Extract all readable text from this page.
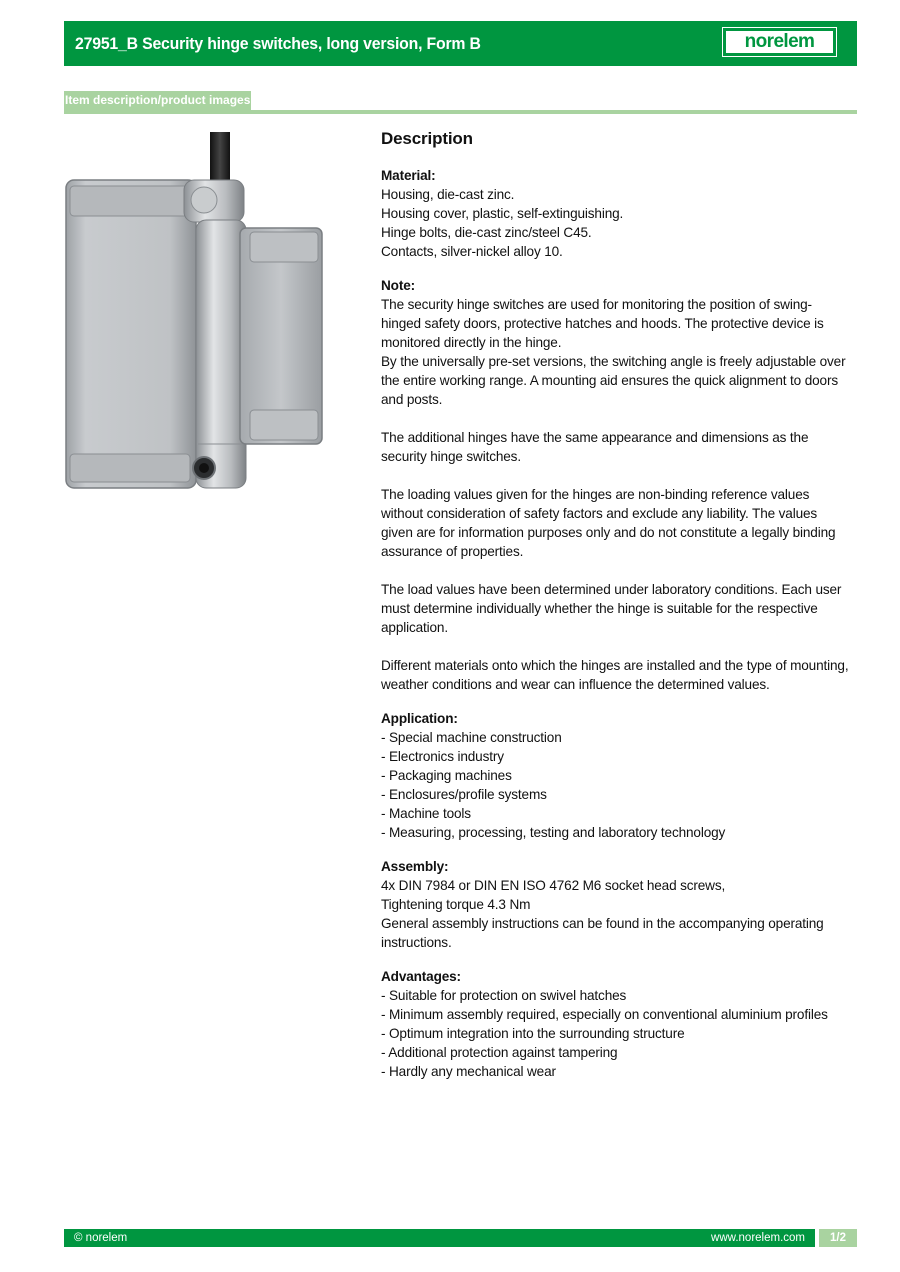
27951_B Security hinge switches, long version, Form B	norelem
Item description/product images
Description

Material:

Housing, die-cast zinc.

Housing cover, plastic, self-extinguishing.

Hinge bolts, die-cast zinc/steel C45.

Contacts, silver-nickel alloy 10.

Note:

The security hinge switches are used for monitoring the position of swing-hinged safety doors, protective hatches and hoods. The protective device is monitored directly in the hinge.

By the universally pre-set versions, the switching angle is freely adjustable over the entire working range. A mounting aid ensures the quick alignment to doors and posts.

The additional hinges have the same appearance and dimensions as the security hinge switches.

The loading values given for the hinges are non-binding reference values without consideration of safety factors and exclude any liability. The values given are for information purposes only and do not constitute a legally binding assurance of properties.

The load values have been determined under laboratory conditions. Each user must determine individually whether the hinge is suitable for the respective application.

Different materials onto which the hinges are installed and the type of mounting, weather conditions and wear can influence the determined values.

Application:

- Special machine construction

- Electronics industry

- Packaging machines

- Enclosures/profile systems

- Machine tools

- Measuring, processing, testing and laboratory technology

Assembly:

4x DIN 7984 or DIN EN ISO 4762 M6 socket head screws,

Tightening torque 4.3 Nm

General assembly instructions can be found in the accompanying operating instructions.

Advantages:

- Suitable for protection on swivel hatches

- Minimum assembly required, especially on conventional aluminium profiles

- Optimum integration into the surrounding structure

- Additional protection against tampering

- Hardly any mechanical wear

© norelem	www.norelem.com	1/2
